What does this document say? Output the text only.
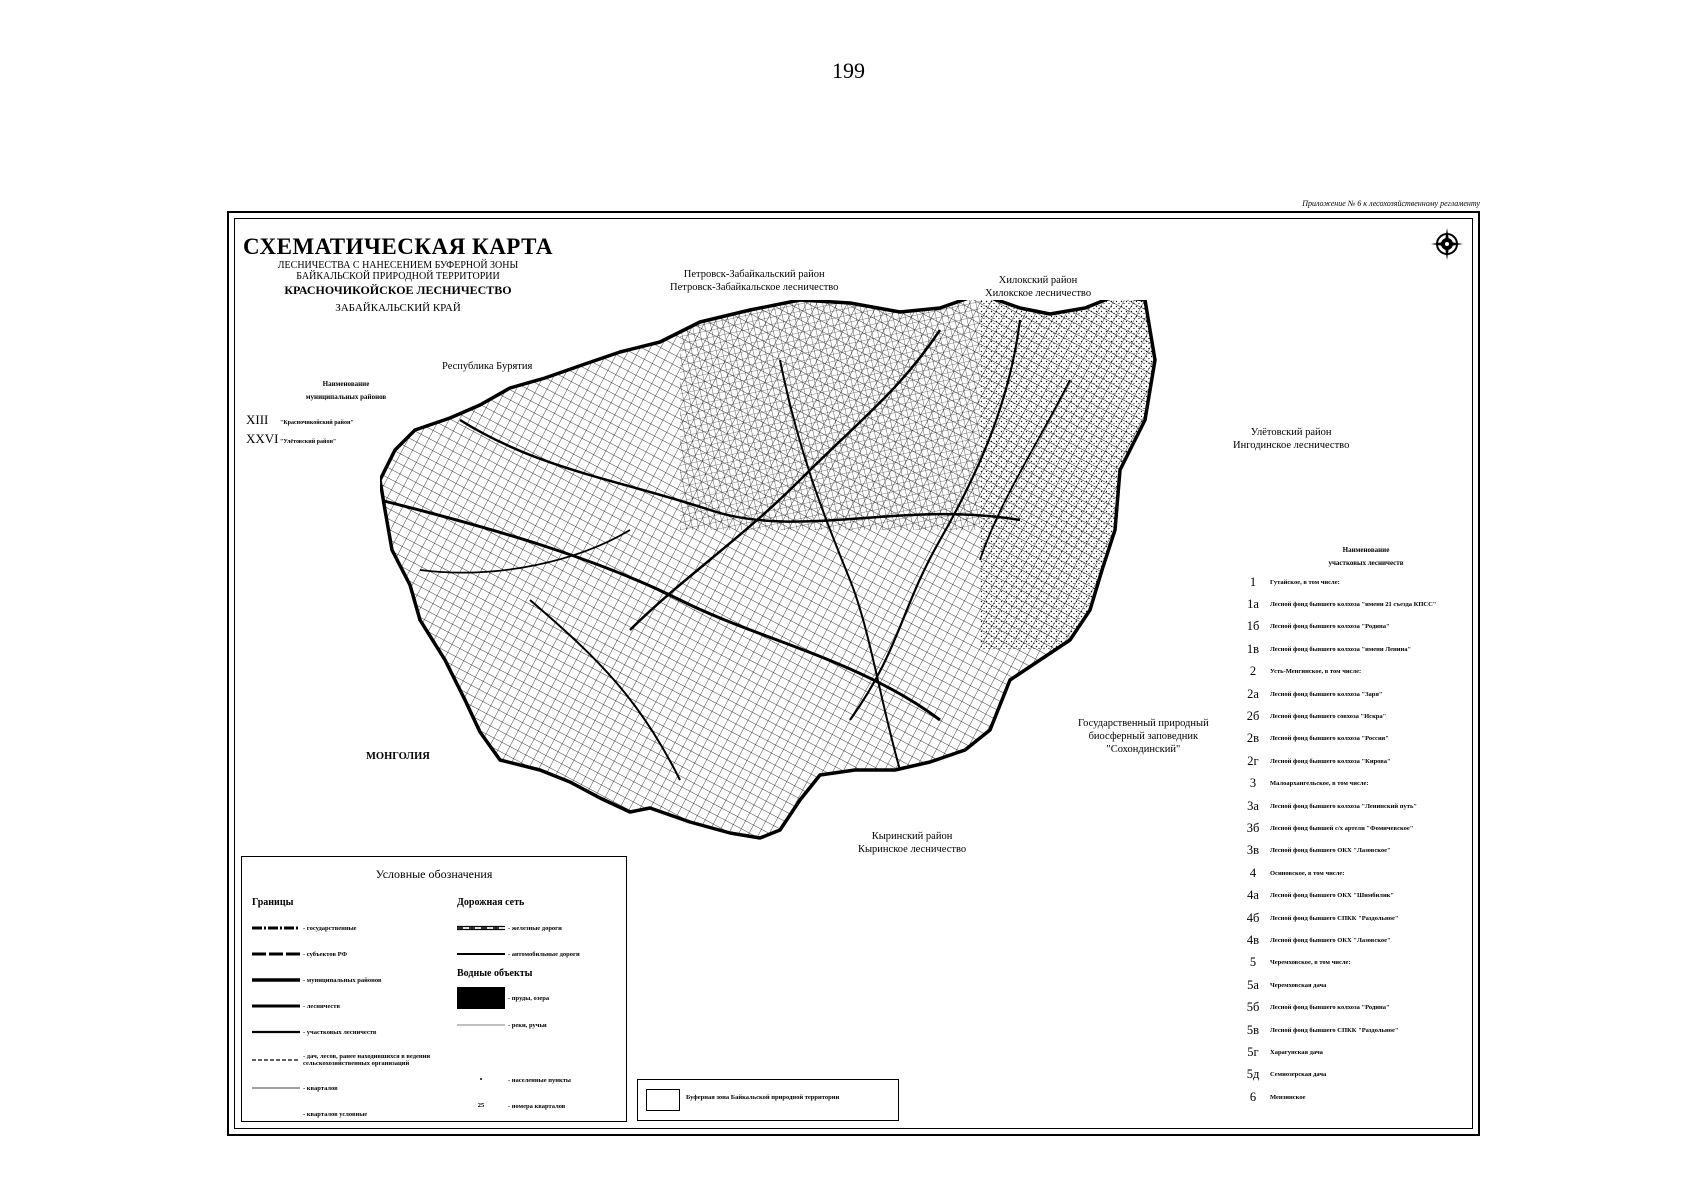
199
Приложение № 6 к лесохозяйственному регламенту
СХЕМАТИЧЕСКАЯ КАРТА
ЛЕСНИЧЕСТВА С НАНЕСЕНИЕМ БУФЕРНОЙ ЗОНЫ
БАЙКАЛЬСКОЙ ПРИРОДНОЙ ТЕРРИТОРИИ
КРАСНОЧИКОЙСКОЕ ЛЕСНИЧЕСТВО
ЗАБАЙКАЛЬСКИЙ КРАЙ
Петровск-Забайкальский район
Петровск-Забайкальское лесничество
Хилокский район
Хилокское лесничество
Республика Бурятия
Улётовский район
Ингодинское лесничество
Государственный природный
биосферный заповедник
"Сохондинский"
Кыринский район
Кыринское лесничество
МОНГОЛИЯ
Наименование
муниципальных районов
XIII	"Красночикойский район"
XXVI "Улётовский район"
Условные обозначения
Границы
- государственные
- субъектов РФ
- муниципальных районов
- лесничеств
- участковых лесничеств
- дач, лесов, ранее находившихся в ведении сельскохозяйственных организаций
- кварталов
- кварталов условные
Дорожная сеть
- железные дороги
- автомобильные дороги
Водные объекты
- пруды, озера
- реки, ручьи
•	- населенные пункты
25	- номера кварталов
Буферная зона Байкальской природной территории
Наименование
участковых лесничеств
1	Гутайское, в том числе:
1а	Лесной фонд бывшего колхоза "имени 21 съезда КПСС"
1б	Лесной фонд бывшего колхоза "Родина"
1в	Лесной фонд бывшего колхоза "имени Ленина"
2	Усть-Менгинское, в том числе:
2а	Лесной фонд бывшего колхоза "Заря"
2б	Лесной фонд бывшего совхоза "Искра"
2в	Лесной фонд бывшего колхоза "Россия"
2г	Лесной фонд бывшего колхоза "Кирова"
3	Малоархангельское, в том числе:
3а	Лесной фонд бывшего колхоза "Ленинский путь"
3б	Лесной фонд бывшей с/х артели "Фомичевское"
3в	Лесной фонд бывшего ОКХ "Лазовское"
4	Осиновское, в том числе:
4а	Лесной фонд бывшего ОКХ "Шимбилик"
4б	Лесной фонд бывшего СПКК "Раздольное"
4в	Лесной фонд бывшего ОКХ "Лазовское"
5	Черемховское, в том числе:
5а	Черемховская дача
5б	Лесной фонд бывшего колхоза "Родина"
5в	Лесной фонд бывшего СПКК "Раздольное"
5г	Харагунская дача
5д	Семиозерская дача
6	Мензинское
